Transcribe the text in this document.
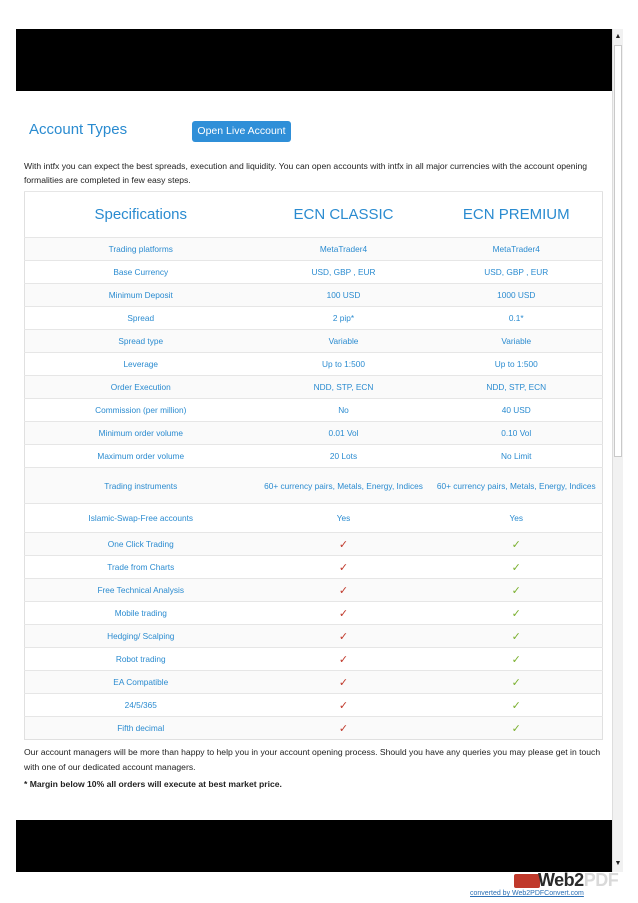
▲
▼
Account Types	Open Live Account
With intfx you can expect the best spreads, execution and liquidity. You can open accounts with intfx in all major currencies with the account opening formalities are completed in few easy steps.
Specifications	ECN CLASSIC	ECN PREMIUM
Trading platforms	MetaTrader4	MetaTrader4
Base Currency	USD, GBP , EUR	USD, GBP , EUR
Minimum Deposit	100 USD	1000 USD
Spread	2 pip*	0.1*
Spread type	Variable	Variable
Leverage	Up to 1:500	Up to 1:500
Order Execution	NDD, STP, ECN	NDD, STP, ECN
Commission (per million)	No	40 USD
Minimum order volume	0.01 Vol	0.10 Vol
Maximum order volume	20 Lots	No Limit
Trading instruments	60+ currency pairs, Metals, Energy, Indices	60+ currency pairs, Metals, Energy, Indices
Islamic-Swap-Free accounts	Yes	Yes
One Click Trading	✓	✓
Trade from Charts	✓	✓
Free Technical Analysis	✓	✓
Mobile trading	✓	✓
Hedging/ Scalping	✓	✓
Robot trading	✓	✓
EA Compatible	✓	✓
24/5/365	✓	✓
Fifth decimal	✓	✓
Our account managers will be more than happy to help you in your account opening process. Should you have any queries you may please get in touch with one of our dedicated account managers.
* Margin below 10% all orders will execute at best market price.
Web2PDF
converted by Web2PDFConvert.com
